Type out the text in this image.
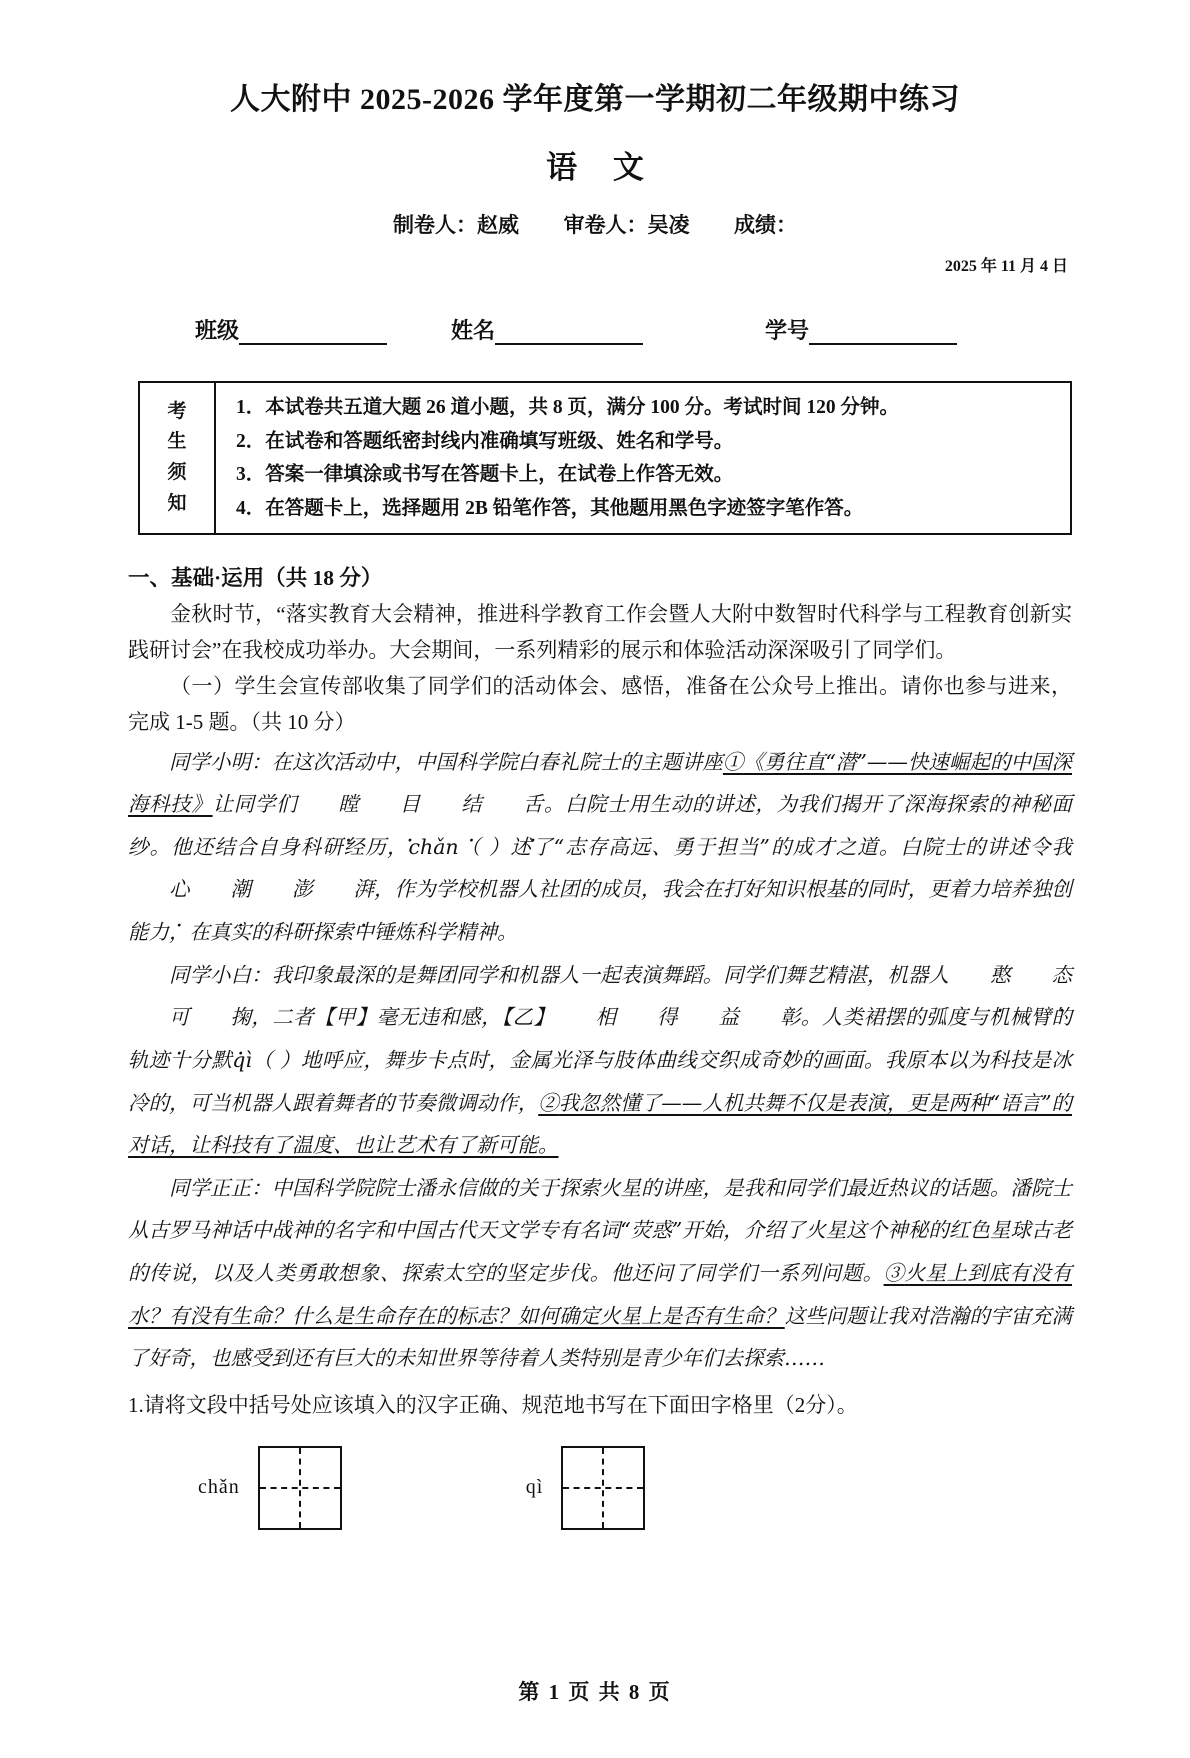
人大附中 2025-2026 学年度第一学期初二年级期中练习
语 文
制卷人：赵威 审卷人：吴凌 成绩：
2025 年 11 月 4 日
班级	姓名	学号
考
生
须
知
1．本试卷共五道大题 26 道小题，共 8 页，满分 100 分。考试时间 120 分钟。
2．在试卷和答题纸密封线内准确填写班级、姓名和学号。
3．答案一律填涂或书写在答题卡上，在试卷上作答无效。
4．在答题卡上，选择题用 2B 铅笔作答，其他题用黑色字迹签字笔作答。
一、基础·运用（共 18 分）

金秋时节，“落实教育大会精神，推进科学教育工作会暨人大附中数智时代科学与工程教育创新实践研讨会”在我校成功举办。大会期间，一系列精彩的展示和体验活动深深吸引了同学们。

（一）学生会宣传部收集了同学们的活动体会、感悟，准备在公众号上推出。请你也参与进来，完成 1-5 题。（共 10 分）

同学小明：在这次活动中，中国科学院白春礼院士的主题讲座①《勇往直“潜”——快速崛起的中国深海科技》让同学们 瞠 目 结 舌。白院士用生动的讲述，为我们揭开了深海探索的神秘面纱。他还结合自身科研经历，chǎn（ ）述了“志存高远、勇于担当”的成才之道。白院士的讲述令我心 潮 澎 湃，作为学校机器人社团的成员，我会在打好知识根基的同时，更着力培养独创能力，在真实的科研探索中锤炼科学精神。

同学小白：我印象最深的是舞团同学和机器人一起表演舞蹈。同学们舞艺精湛，机器人 憨 态可 掬，二者【甲】毫无违和感，【乙】 相 得 益 彰。人类裙摆的弧度与机械臂的轨迹十分默qì（ ）地呼应，舞步卡点时，金属光泽与肢体曲线交织成奇妙的画面。我原本以为科技是冰冷的，可当机器人跟着舞者的节奏微调动作，②我忽然懂了——人机共舞不仅是表演，更是两种“语言”的对话，让科技有了温度、也让艺术有了新可能。

同学正正：中国科学院院士潘永信做的关于探索火星的讲座，是我和同学们最近热议的话题。潘院士从古罗马神话中战神的名字和中国古代天文学专有名词“荧惑”开始，介绍了火星这个神秘的红色星球古老的传说，以及人类勇敢想象、探索太空的坚定步伐。他还问了同学们一系列问题。③火星上到底有没有水？有没有生命？什么是生命存在的标志？如何确定火星上是否有生命？这些问题让我对浩瀚的宇宙充满了好奇，也感受到还有巨大的未知世界等待着人类特别是青少年们去探索……

1.请将文段中括号处应该填入的汉字正确、规范地书写在下面田字格里（2分）。
chǎn	qì
第 1 页 共 8 页
